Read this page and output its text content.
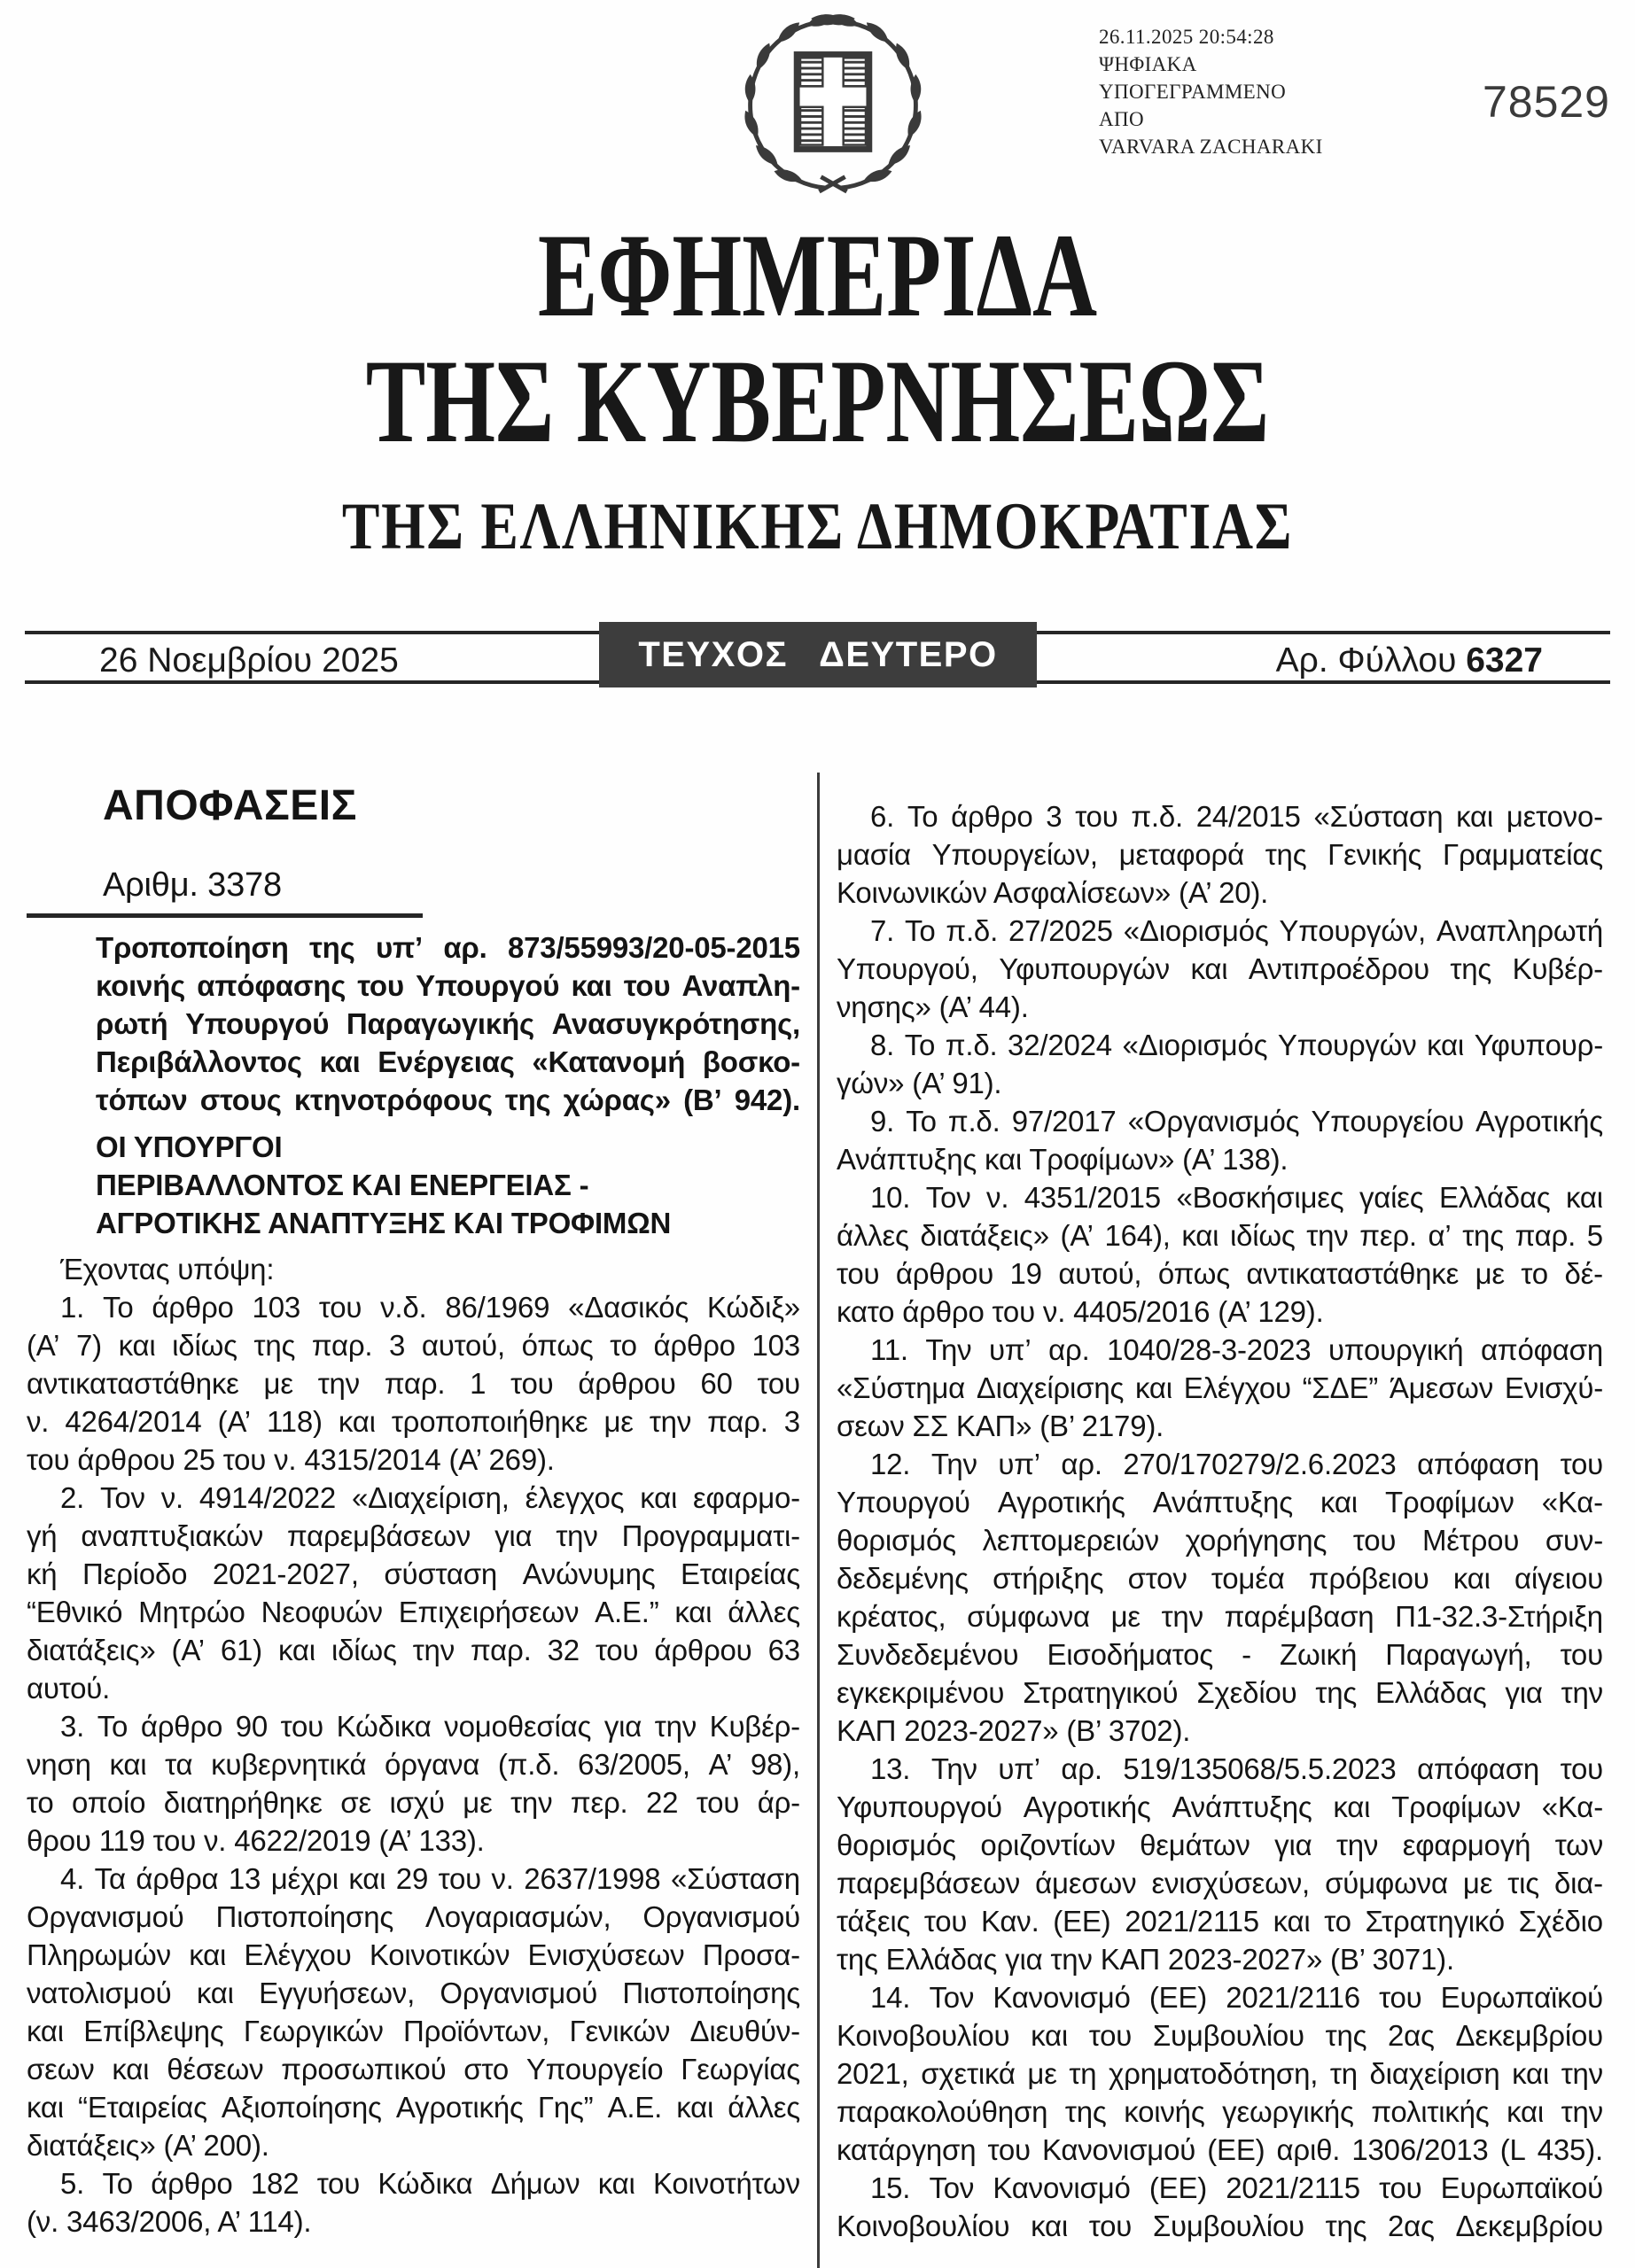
26.11.2025 20:54:28
ΨΗΦΙΑΚΑ
ΥΠΟΓΕΓΡΑΜΜΕΝΟ
ΑΠΟ
VARVARA ZACHARAKI
78529
ΕΦΗΜΕΡΙΔΑ
ΤΗΣ ΚΥΒΕΡΝΗΣΕΩΣ
ΤΗΣ ΕΛΛΗΝΙΚΗΣ ΔΗΜΟΚΡΑΤΙΑΣ
26 Νοεμβρίου 2025	ΤΕΥΧΟΣ ΔΕΥΤΕΡΟ	Αρ. Φύλλου 6327
ΑΠΟΦΑΣΕΙΣ
Αριθμ. 3378
Τροποποίηση της υπ’ αρ. 873/55993/20-05-2015
κοινής απόφασης του Υπουργού και του Αναπλη-
ρωτή Υπουργού Παραγωγικής Ανασυγκρότησης,
Περιβάλλοντος και Ενέργειας «Κατανομή βοσκο-
τόπων στους κτηνοτρόφους της χώρας» (Β’ 942).
ΟΙ ΥΠΟΥΡΓΟΙ
ΠΕΡΙΒΑΛΛΟΝΤΟΣ ΚΑΙ ΕΝΕΡΓΕΙΑΣ -
ΑΓΡΟΤΙΚΗΣ ΑΝΑΠΤΥΞΗΣ ΚΑΙ ΤΡΟΦΙΜΩΝ
Έχοντας υπόψη:
1. Το άρθρο 103 του ν.δ. 86/1969 «Δασικός Κώδιξ»
(Α’ 7) και ιδίως της παρ. 3 αυτού, όπως το άρθρο 103
αντικαταστάθηκε με την παρ. 1 του άρθρου 60 του
ν. 4264/2014 (Α’ 118) και τροποποιήθηκε με την παρ. 3
του άρθρου 25 του ν. 4315/2014 (Α’ 269).
2. Τον ν. 4914/2022 «Διαχείριση, έλεγχος και εφαρμο-
γή αναπτυξιακών παρεμβάσεων για την Προγραμματι-
κή Περίοδο 2021-2027, σύσταση Ανώνυμης Εταιρείας
“Εθνικό Μητρώο Νεοφυών Επιχειρήσεων Α.Ε.” και άλλες
διατάξεις» (Α’ 61) και ιδίως την παρ. 32 του άρθρου 63
αυτού.
3. Το άρθρο 90 του Κώδικα νομοθεσίας για την Κυβέρ-
νηση και τα κυβερνητικά όργανα (π.δ. 63/2005, Α’ 98),
το οποίο διατηρήθηκε σε ισχύ με την περ. 22 του άρ-
θρου 119 του ν. 4622/2019 (Α’ 133).
4. Τα άρθρα 13 μέχρι και 29 του ν. 2637/1998 «Σύσταση
Οργανισμού Πιστοποίησης Λογαριασμών, Οργανισμού
Πληρωμών και Ελέγχου Κοινοτικών Ενισχύσεων Προσα-
νατολισμού και Εγγυήσεων, Οργανισμού Πιστοποίησης
και Επίβλεψης Γεωργικών Προϊόντων, Γενικών Διευθύν-
σεων και θέσεων προσωπικού στο Υπουργείο Γεωργίας
και “Εταιρείας Αξιοποίησης Αγροτικής Γης” Α.Ε. και άλλες
διατάξεις» (Α’ 200).
5. Το άρθρο 182 του Κώδικα Δήμων και Κοινοτήτων
(ν. 3463/2006, Α’ 114).
6. Το άρθρο 3 του π.δ. 24/2015 «Σύσταση και μετονο-
μασία Υπουργείων, μεταφορά της Γενικής Γραμματείας
Κοινωνικών Ασφαλίσεων» (Α’ 20).
7. Το π.δ. 27/2025 «Διορισμός Υπουργών, Αναπληρωτή
Υπουργού, Υφυπουργών και Αντιπροέδρου της Κυβέρ-
νησης» (Α’ 44).
8. Το π.δ. 32/2024 «Διορισμός Υπουργών και Υφυπουρ-
γών» (Α’ 91).
9. Το π.δ. 97/2017 «Οργανισμός Υπουργείου Αγροτικής
Ανάπτυξης και Τροφίμων» (Α’ 138).
10. Τον ν. 4351/2015 «Βοσκήσιμες γαίες Ελλάδας και
άλλες διατάξεις» (Α’ 164), και ιδίως την περ. α’ της παρ. 5
του άρθρου 19 αυτού, όπως αντικαταστάθηκε με το δέ-
κατο άρθρο του ν. 4405/2016 (Α’ 129).
11. Την υπ’ αρ. 1040/28-3-2023 υπουργική απόφαση
«Σύστημα Διαχείρισης και Ελέγχου “ΣΔΕ” Άμεσων Ενισχύ-
σεων ΣΣ ΚΑΠ» (Β’ 2179).
12. Την υπ’ αρ. 270/170279/2.6.2023 απόφαση του
Υπουργού Αγροτικής Ανάπτυξης και Τροφίμων «Κα-
θορισμός λεπτομερειών χορήγησης του Μέτρου συν-
δεδεμένης στήριξης στον τομέα πρόβειου και αίγειου
κρέατος, σύμφωνα με την παρέμβαση Π1-32.3-Στήριξη
Συνδεδεμένου Εισοδήματος - Ζωική Παραγωγή, του
εγκεκριμένου Στρατηγικού Σχεδίου της Ελλάδας για την
ΚΑΠ 2023-2027» (Β’ 3702).
13. Την υπ’ αρ. 519/135068/5.5.2023 απόφαση του
Υφυπουργού Αγροτικής Ανάπτυξης και Τροφίμων «Κα-
θορισμός οριζοντίων θεμάτων για την εφαρμογή των
παρεμβάσεων άμεσων ενισχύσεων, σύμφωνα με τις δια-
τάξεις του Καν. (ΕΕ) 2021/2115 και το Στρατηγικό Σχέδιο
της Ελλάδας για την ΚΑΠ 2023-2027» (Β’ 3071).
14. Τον Κανονισμό (ΕΕ) 2021/2116 του Ευρωπαϊκού
Κοινοβουλίου και του Συμβουλίου της 2ας Δεκεμβρίου
2021, σχετικά με τη χρηματοδότηση, τη διαχείριση και την
παρακολούθηση της κοινής γεωργικής πολιτικής και την
κατάργηση του Κανονισμού (ΕΕ) αριθ. 1306/2013 (L 435).
15. Τον Κανονισμό (ΕΕ) 2021/2115 του Ευρωπαϊκού
Κοινοβουλίου και του Συμβουλίου της 2ας Δεκεμβρίου
